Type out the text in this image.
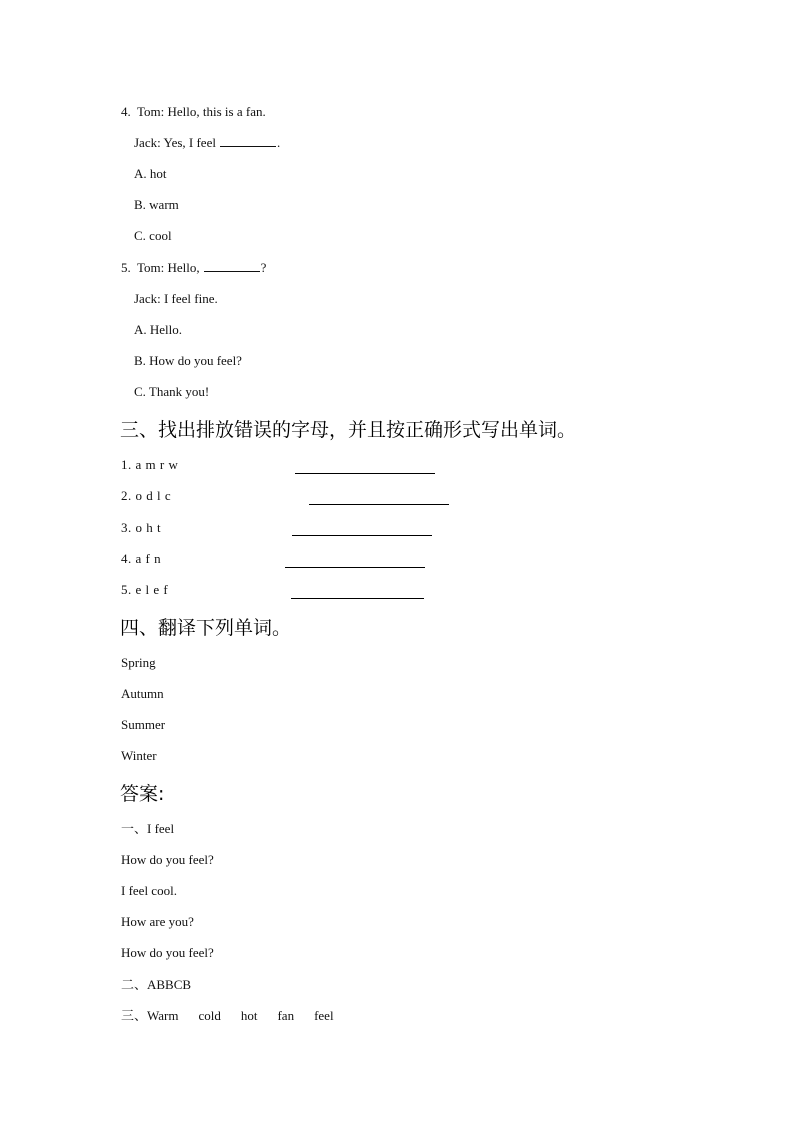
4.  Tom: Hello, this is a fan.
Jack: Yes, I feel	.
A. hot
B. warm
C. cool
5.  Tom: Hello,	?
Jack: I feel fine.
A. Hello.
B. How do you feel?
C. Thank you!
三、找出排放错误的字母，并且按正确形式写出单词。
1. a m r w
2. o d l c
3. o h t
4. a f n
5. e l e f
四、翻译下列单词。
Spring
Autumn
Summer
Winter
答案:
一、I feel
How do you feel?
I feel cool.
How are you?
How do you feel?
二、ABBCB
三、Warm cold hot fan feel
